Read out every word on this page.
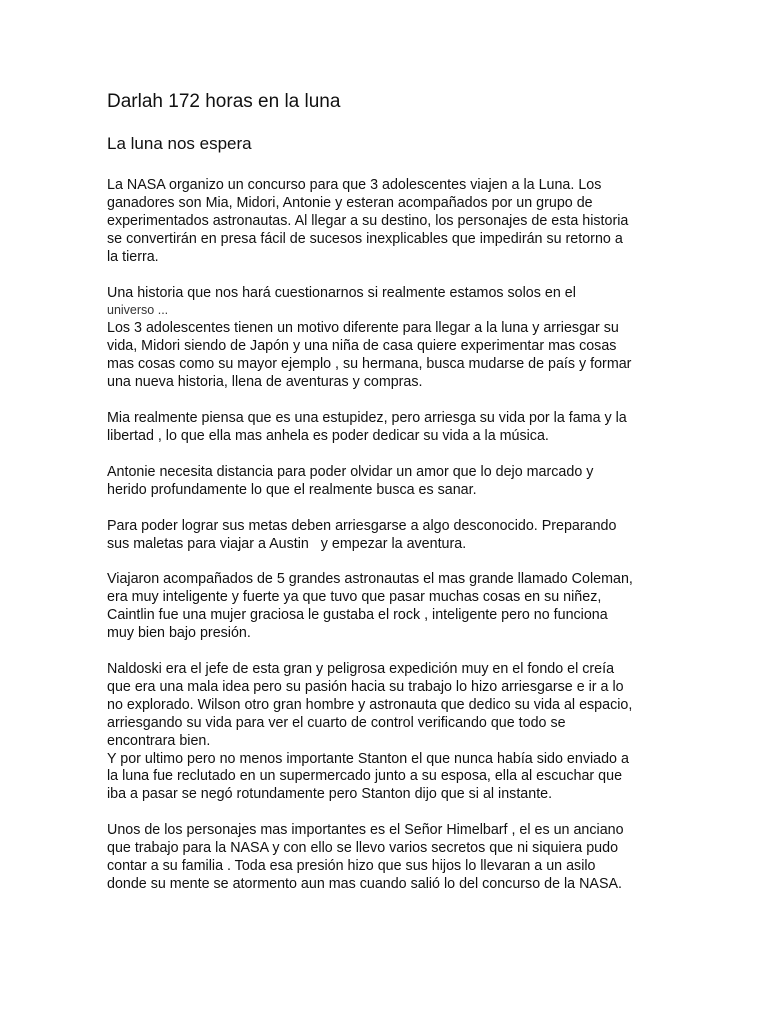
Darlah 172 horas en la luna
La luna nos espera

La NASA organizo un concurso para que 3 adolescentes viajen a la Luna. Los
ganadores son Mia, Midori, Antonie y esteran acompañados por un grupo de
experimentados astronautas. Al llegar a su destino, los personajes de esta historia
se convertirán en presa fácil de sucesos inexplicables que impedirán su retorno a
la tierra.

Una historia que nos hará cuestionarnos si realmente estamos solos en el
universo ...

Los 3 adolescentes tienen un motivo diferente para llegar a la luna y arriesgar su
vida, Midori siendo de Japón y una niña de casa quiere experimentar mas cosas
mas cosas como su mayor ejemplo , su hermana, busca mudarse de país y formar
una nueva historia, llena de aventuras y compras.

Mia realmente piensa que es una estupidez, pero arriesga su vida por la fama y la
libertad , lo que ella mas anhela es poder dedicar su vida a la música.

Antonie necesita distancia para poder olvidar un amor que lo dejo marcado y
herido profundamente lo que el realmente busca es sanar.

Para poder lograr sus metas deben arriesgarse a algo desconocido. Preparando
sus maletas para viajar a Austin   y empezar la aventura.

Viajaron acompañados de 5 grandes astronautas el mas grande llamado Coleman,
era muy inteligente y fuerte ya que tuvo que pasar muchas cosas en su niñez,
Caintlin fue una mujer graciosa le gustaba el rock , inteligente pero no funciona
muy bien bajo presión.

Naldoski era el jefe de esta gran y peligrosa expedición muy en el fondo el creía
que era una mala idea pero su pasión hacia su trabajo lo hizo arriesgarse e ir a lo
no explorado. Wilson otro gran hombre y astronauta que dedico su vida al espacio,
arriesgando su vida para ver el cuarto de control verificando que todo se
encontrara bien.

Y por ultimo pero no menos importante Stanton el que nunca había sido enviado a
la luna fue reclutado en un supermercado junto a su esposa, ella al escuchar que
iba a pasar se negó rotundamente pero Stanton dijo que si al instante.

Unos de los personajes mas importantes es el Señor Himelbarf , el es un anciano
que trabajo para la NASA y con ello se llevo varios secretos que ni siquiera pudo
contar a su familia . Toda esa presión hizo que sus hijos lo llevaran a un asilo
donde su mente se atormento aun mas cuando salió lo del concurso de la NASA.
